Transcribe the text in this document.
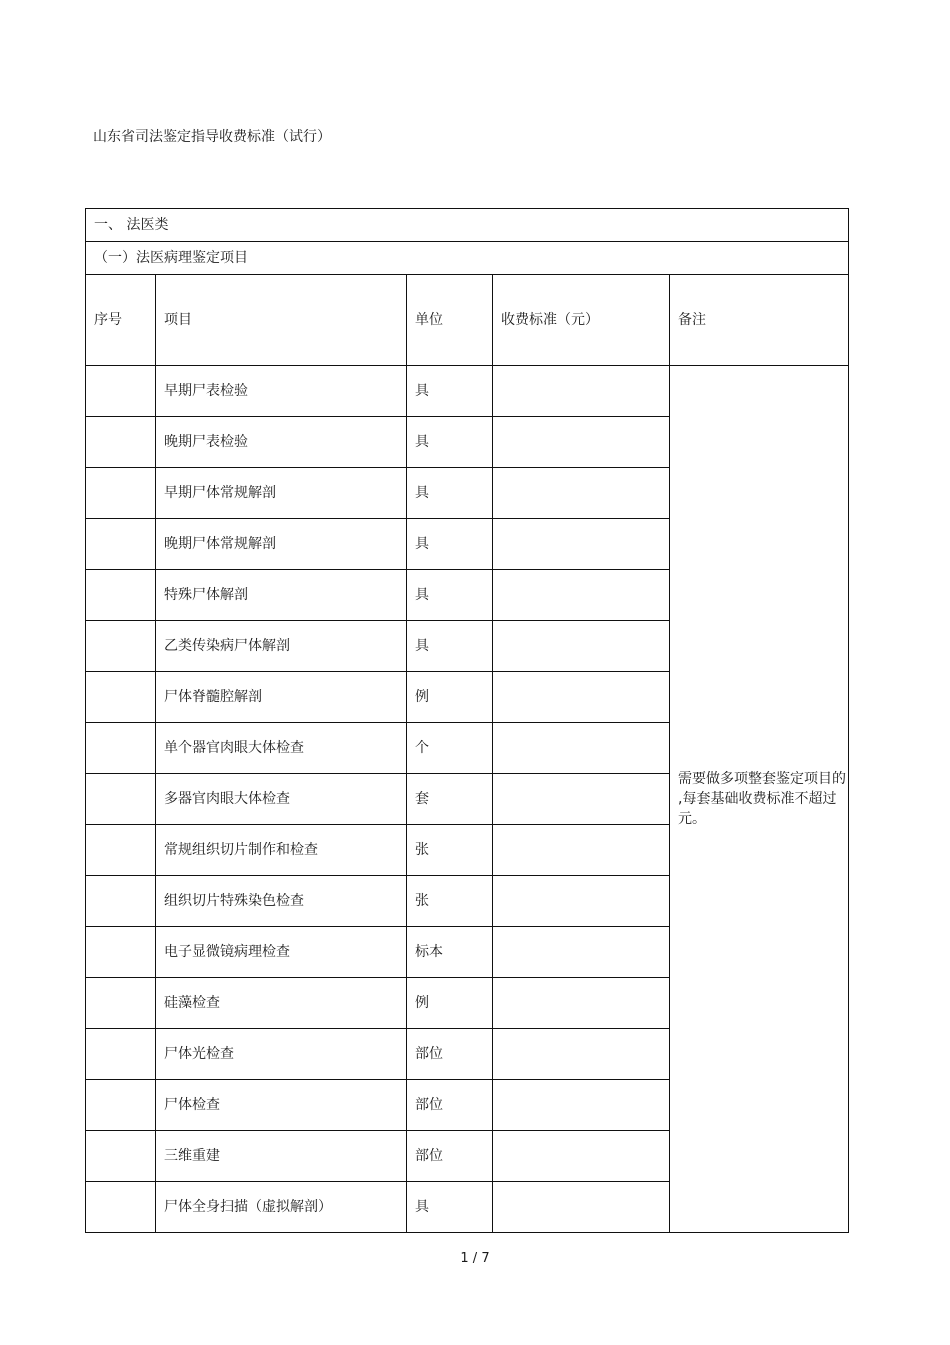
山东省司法鉴定指导收费标准（试行）
一、 法医类				
（一）法医病理鉴定项目				
序号	项目	单位	收费标准（元）	备注
	早期尸表检验	具		需要做多项整套鉴定项目的 ,每套基础收费标准不超过元。
	晚期尸表检验	具		
	早期尸体常规解剖	具		
	晚期尸体常规解剖	具		
	特殊尸体解剖	具		
	乙类传染病尸体解剖	具		
	尸体脊髓腔解剖	例		
	单个器官肉眼大体检查	个		
	多器官肉眼大体检查	套		
	常规组织切片制作和检查	张		
	组织切片特殊染色检查	张		
	电子显微镜病理检查	标本		
	硅藻检查	例		
	尸体光检查	部位		
	尸体检查	部位		
	三维重建	部位		
	尸体全身扫描（虚拟解剖）	具		
1 / 7
